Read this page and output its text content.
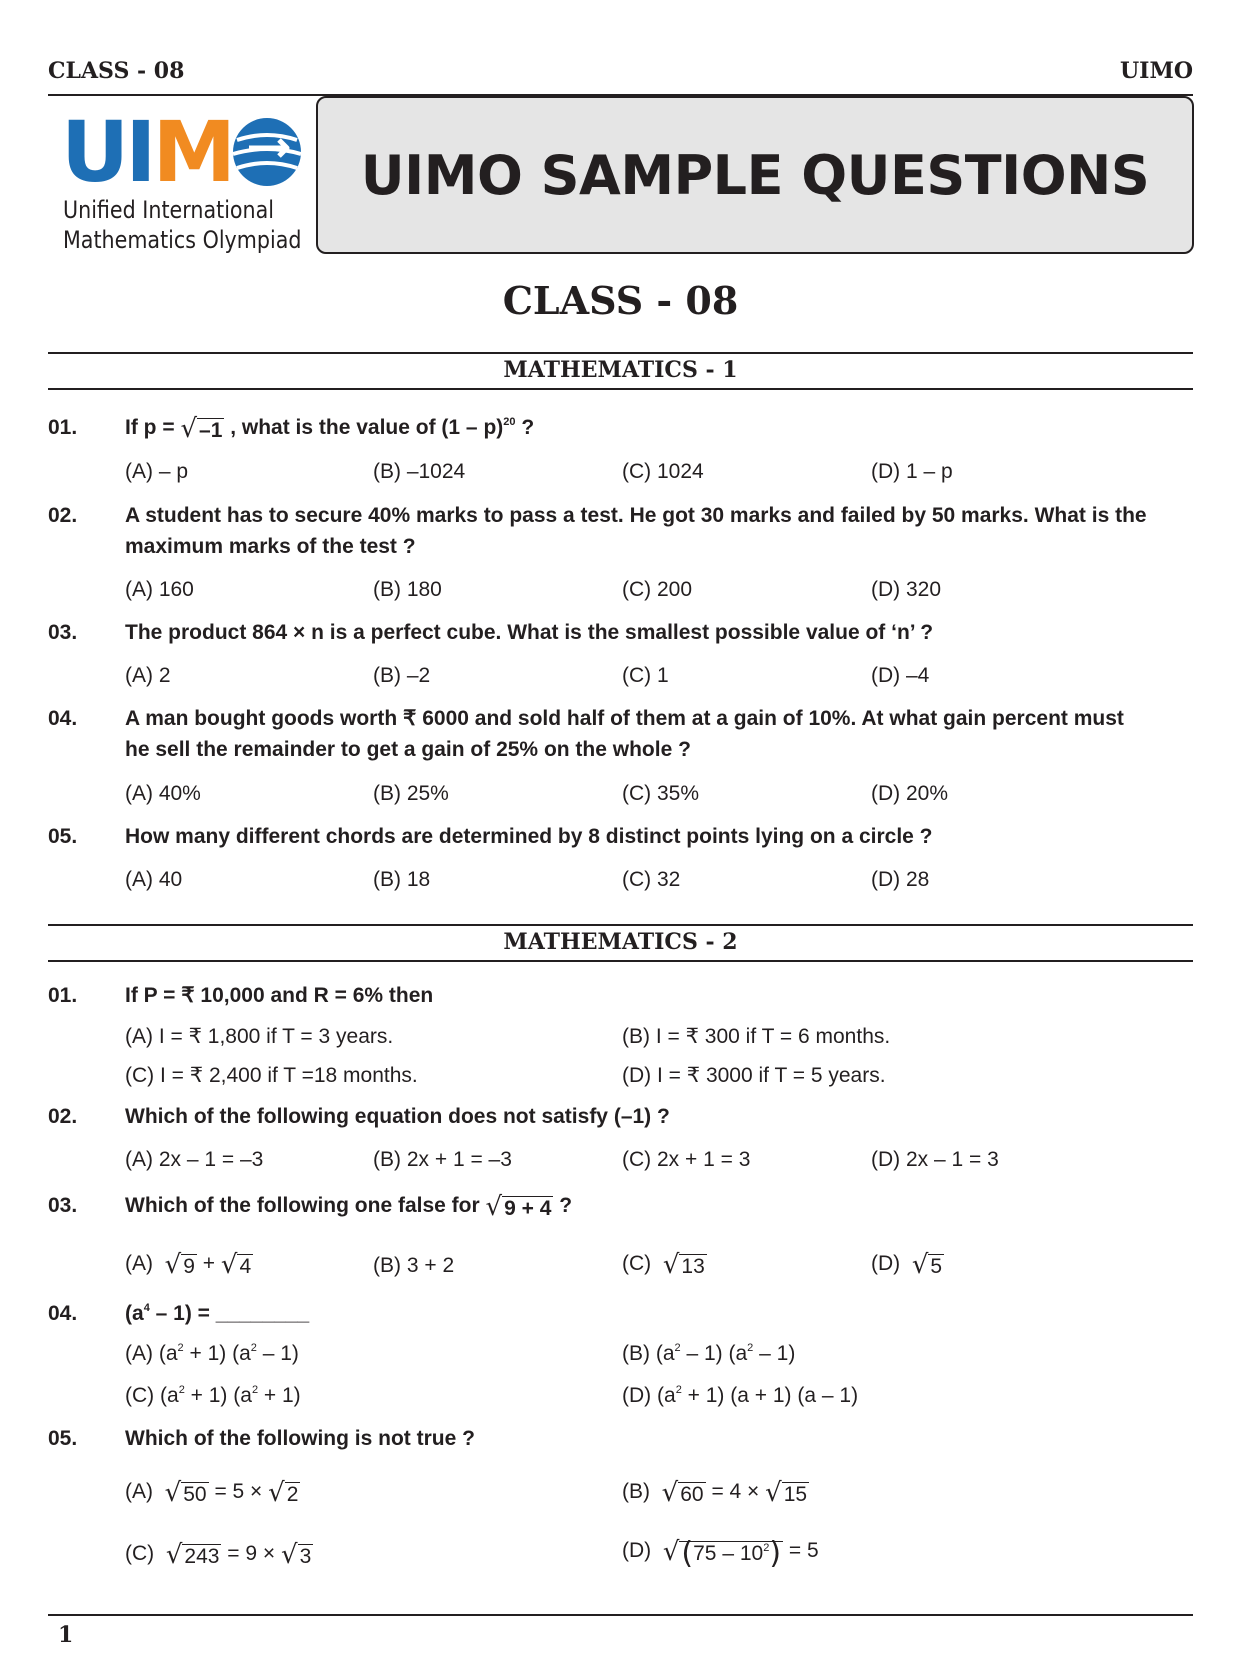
CLASS - 08	UIMO
UIM
Unified International
Mathematics Olympiad
UIMO SAMPLE QUESTIONS
CLASS - 08
MATHEMATICS - 1
01. If p = √–1 , what is the value of (1 – p)$^{20}$ ?
(A) – p	(B) –1024	(C) 1024	(D) 1 – p
02. A student has to secure 40% marks to pass a test. He got 30 marks and failed by 50 marks. What is the
maximum marks of the test ?
(A) 160	(B) 180	(C) 200	(D) 320
03. The product 864 × n is a perfect cube. What is the smallest possible value of ‘n’ ?
(A) 2	(B) –2	(C) 1	(D) –4
04. A man bought goods worth ₹ 6000 and sold half of them at a gain of 10%. At what gain percent must
he sell the remainder to get a gain of 25% on the whole ?
(A) 40%	(B) 25%	(C) 35%	(D) 20%
05. How many different chords are determined by 8 distinct points lying on a circle ?
(A) 40	(B) 18	(C) 32	(D) 28
MATHEMATICS - 2
01. If P = ₹ 10,000 and R = 6% then
(A) I = ₹ 1,800 if T = 3 years.	(B) I = ₹ 300 if T = 6 months.
(C) I = ₹ 2,400 if T =18 months.	(D) I = ₹ 3000 if T = 5 years.
02. Which of the following equation does not satisfy (–1) ?
(A) 2x – 1 = –3	(B) 2x + 1 = –3	(C) 2x + 1 = 3	(D) 2x – 1 = 3
03. Which of the following one false for √9 + 4 ?
(A) √9 + √4	(B) 3 + 2	(C) √13	(D) √5
04. $(a^4 - 1)$ = ________
(A) $(a^2 + 1)$ $(a^2 - 1)$	(B) $(a^2 - 1)$ $(a^2 - 1)$
(C) $(a^2 + 1) (a^2 + 1)$	(D) $(a^2 + 1) (a + 1)$ (a – 1)
05. Which of the following is not true ?
(A) √50 = 5 × √2	(B) √60 = 4 × √15
(C) √243 = 9 × √3	(D) $√(75 - 10^2) = 5$
1
